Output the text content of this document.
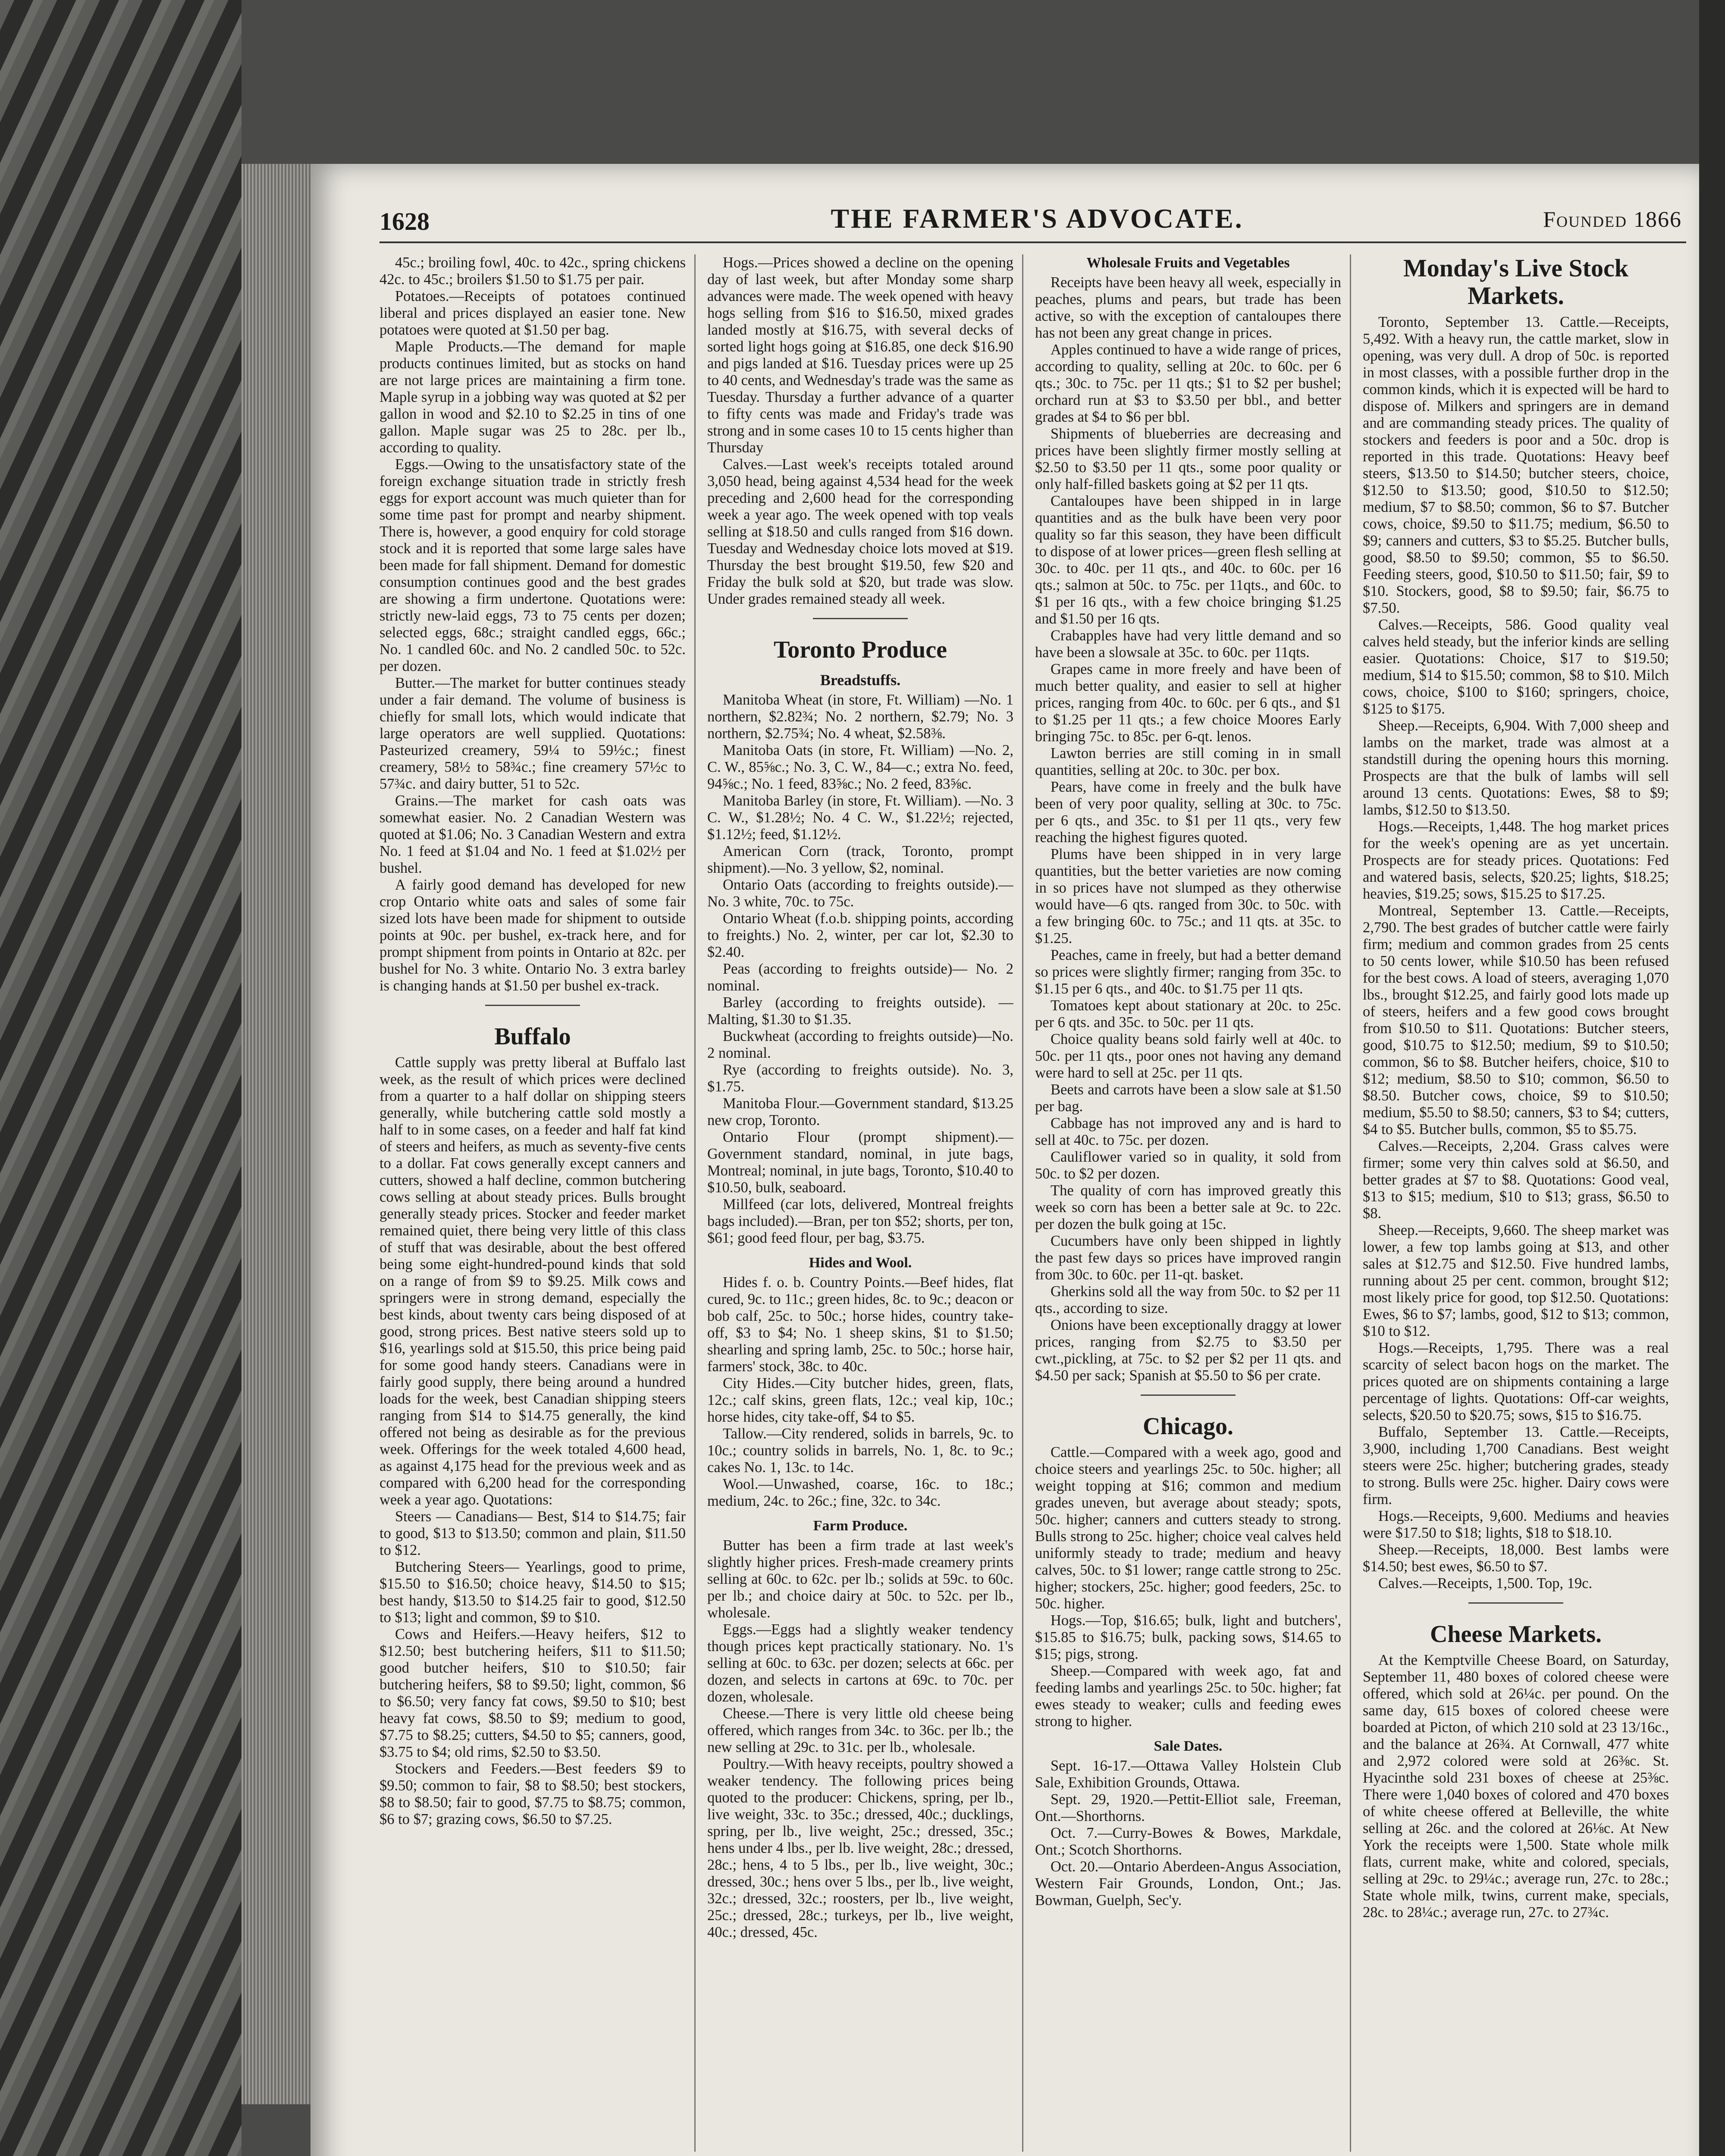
1628	THE FARMER'S ADVOCATE.	Founded 1866

45c.; broiling fowl, 40c. to 42c., spring chickens 42c. to 45c.; broilers $1.50 to $1.75 per pair.

Potatoes.—Receipts of potatoes continued liberal and prices displayed an easier tone. New potatoes were quoted at $1.50 per bag.

Maple Products.—The demand for maple products continues limited, but as stocks on hand are not large prices are maintaining a firm tone. Maple syrup in a jobbing way was quoted at $2 per gallon in wood and $2.10 to $2.25 in tins of one gallon. Maple sugar was 25 to 28c. per lb., according to quality.

Eggs.—Owing to the unsatisfactory state of the foreign exchange situation trade in strictly fresh eggs for export account was much quieter than for some time past for prompt and nearby shipment. There is, however, a good enquiry for cold storage stock and it is reported that some large sales have been made for fall shipment. Demand for domestic consumption continues good and the best grades are showing a firm undertone. Quotations were: strictly new-laid eggs, 73 to 75 cents per dozen; selected eggs, 68c.; straight candled eggs, 66c.; No. 1 candled 60c. and No. 2 candled 50c. to 52c. per dozen.

Butter.—The market for butter continues steady under a fair demand. The volume of business is chiefly for small lots, which would indicate that large operators are well supplied. Quotations: Pasteurized creamery, 59¼ to 59½c.; finest creamery, 58½ to 58¾c.; fine creamery 57½c to 57¾c. and dairy butter, 51 to 52c.

Grains.—The market for cash oats was somewhat easier. No. 2 Canadian Western was quoted at $1.06; No. 3 Canadian Western and extra No. 1 feed at $1.04 and No. 1 feed at $1.02½ per bushel.

A fairly good demand has developed for new crop Ontario white oats and sales of some fair sized lots have been made for shipment to outside points at 90c. per bushel, ex-track here, and for prompt shipment from points in Ontario at 82c. per bushel for No. 3 white. Ontario No. 3 extra barley is changing hands at $1.50 per bushel ex-track.

Buffalo

Cattle supply was pretty liberal at Buffalo last week, as the result of which prices were declined from a quarter to a half dollar on shipping steers generally, while butchering cattle sold mostly a half to in some cases, on a feeder and half fat kind of steers and heifers, as much as seventy-five cents to a dollar. Fat cows generally except canners and cutters, showed a half decline, common butchering cows selling at about steady prices. Bulls brought generally steady prices. Stocker and feeder market remained quiet, there being very little of this class of stuff that was desirable, about the best offered being some eight-hundred-pound kinds that sold on a range of from $9 to $9.25. Milk cows and springers were in strong demand, especially the best kinds, about twenty cars being disposed of at good, strong prices. Best native steers sold up to $16, yearlings sold at $15.50, this price being paid for some good handy steers. Canadians were in fairly good supply, there being around a hundred loads for the week, best Canadian shipping steers ranging from $14 to $14.75 generally, the kind offered not being as desirable as for the previous week. Offerings for the week totaled 4,600 head, as against 4,175 head for the previous week and as compared with 6,200 head for the corresponding week a year ago. Quotations:

Steers — Canadians— Best, $14 to $14.75; fair to good, $13 to $13.50; common and plain, $11.50 to $12.

Butchering Steers— Yearlings, good to prime, $15.50 to $16.50; choice heavy, $14.50 to $15; best handy, $13.50 to $14.25 fair to good, $12.50 to $13; light and common, $9 to $10.

Cows and Heifers.—Heavy heifers, $12 to $12.50; best butchering heifers, $11 to $11.50; good butcher heifers, $10 to $10.50; fair butchering heifers, $8 to $9.50; light, common, $6 to $6.50; very fancy fat cows, $9.50 to $10; best heavy fat cows, $8.50 to $9; medium to good, $7.75 to $8.25; cutters, $4.50 to $5; canners, good, $3.75 to $4; old rims, $2.50 to $3.50.

Stockers and Feeders.—Best feeders $9 to $9.50; common to fair, $8 to $8.50; best stockers, $8 to $8.50; fair to good, $7.75 to $8.75; common, $6 to $7; grazing cows, $6.50 to $7.25.

Hogs.—Prices showed a decline on the opening day of last week, but after Monday some sharp advances were made. The week opened with heavy hogs selling from $16 to $16.50, mixed grades landed mostly at $16.75, with several decks of sorted light hogs going at $16.85, one deck $16.90 and pigs landed at $16. Tuesday prices were up 25 to 40 cents, and Wednesday's trade was the same as Tuesday. Thursday a further advance of a quarter to fifty cents was made and Friday's trade was strong and in some cases 10 to 15 cents higher than Thursday

Calves.—Last week's receipts totaled around 3,050 head, being against 4,534 head for the week preceding and 2,600 head for the corresponding week a year ago. The week opened with top veals selling at $18.50 and culls ranged from $16 down. Tuesday and Wednesday choice lots moved at $19. Thursday the best brought $19.50, few $20 and Friday the bulk sold at $20, but trade was slow. Under grades remained steady all week.

Toronto Produce
Breadstuffs.

Manitoba Wheat (in store, Ft. William) —No. 1 northern, $2.82¾; No. 2 northern, $2.79; No. 3 northern, $2.75¾; No. 4 wheat, $2.58⅜.

Manitoba Oats (in store, Ft. William) —No. 2, C. W., 85⅝c.; No. 3, C. W., 84—c.; extra No. feed, 94⅝c.; No. 1 feed, 83⅝c.; No. 2 feed, 83⅝c.

Manitoba Barley (in store, Ft. William). —No. 3 C. W., $1.28½; No. 4 C. W., $1.22½; rejected, $1.12½; feed, $1.12½.

American Corn (track, Toronto, prompt shipment).—No. 3 yellow, $2, nominal.

Ontario Oats (according to freights outside).—No. 3 white, 70c. to 75c.

Ontario Wheat (f.o.b. shipping points, according to freights.) No. 2, winter, per car lot, $2.30 to $2.40.

Peas (according to freights outside)— No. 2 nominal.

Barley (according to freights outside). —Malting, $1.30 to $1.35.

Buckwheat (according to freights outside)—No. 2 nominal.

Rye (according to freights outside). No. 3, $1.75.

Manitoba Flour.—Government standard, $13.25 new crop, Toronto.

Ontario Flour (prompt shipment).— Government standard, nominal, in jute bags, Montreal; nominal, in jute bags, Toronto, $10.40 to $10.50, bulk, seaboard.

Millfeed (car lots, delivered, Montreal freights bags included).—Bran, per ton $52; shorts, per ton, $61; good feed flour, per bag, $3.75.

Hides and Wool.

Hides f. o. b. Country Points.—Beef hides, flat cured, 9c. to 11c.; green hides, 8c. to 9c.; deacon or bob calf, 25c. to 50c.; horse hides, country take-off, $3 to $4; No. 1 sheep skins, $1 to $1.50; shearling and spring lamb, 25c. to 50c.; horse hair, farmers' stock, 38c. to 40c.

City Hides.—City butcher hides, green, flats, 12c.; calf skins, green flats, 12c.; veal kip, 10c.; horse hides, city take-off, $4 to $5.

Tallow.—City rendered, solids in barrels, 9c. to 10c.; country solids in barrels, No. 1, 8c. to 9c.; cakes No. 1, 13c. to 14c.

Wool.—Unwashed, coarse, 16c. to 18c.; medium, 24c. to 26c.; fine, 32c. to 34c.

Farm Produce.

Butter has been a firm trade at last week's slightly higher prices. Fresh-made creamery prints selling at 60c. to 62c. per lb.; solids at 59c. to 60c. per lb.; and choice dairy at 50c. to 52c. per lb., wholesale.

Eggs.—Eggs had a slightly weaker tendency though prices kept practically stationary. No. 1's selling at 60c. to 63c. per dozen; selects at 66c. per dozen, and selects in cartons at 69c. to 70c. per dozen, wholesale.

Cheese.—There is very little old cheese being offered, which ranges from 34c. to 36c. per lb.; the new selling at 29c. to 31c. per lb., wholesale.

Poultry.—With heavy receipts, poultry showed a weaker tendency. The following prices being quoted to the producer: Chickens, spring, per lb., live weight, 33c. to 35c.; dressed, 40c.; ducklings, spring, per lb., live weight, 25c.; dressed, 35c.; hens under 4 lbs., per lb. live weight, 28c.; dressed, 28c.; hens, 4 to 5 lbs., per lb., live weight, 30c.; dressed, 30c.; hens over 5 lbs., per lb., live weight, 32c.; dressed, 32c.; roosters, per lb., live weight, 25c.; dressed, 28c.; turkeys, per lb., live weight, 40c.; dressed, 45c.

Wholesale Fruits and Vegetables

Receipts have been heavy all week, especially in peaches, plums and pears, but trade has been active, so with the exception of cantaloupes there has not been any great change in prices.

Apples continued to have a wide range of prices, according to quality, selling at 20c. to 60c. per 6 qts.; 30c. to 75c. per 11 qts.; $1 to $2 per bushel; orchard run at $3 to $3.50 per bbl., and better grades at $4 to $6 per bbl.

Shipments of blueberries are decreasing and prices have been slightly firmer mostly selling at $2.50 to $3.50 per 11 qts., some poor quality or only half-filled baskets going at $2 per 11 qts.

Cantaloupes have been shipped in in large quantities and as the bulk have been very poor quality so far this season, they have been difficult to dispose of at lower prices—green flesh selling at 30c. to 40c. per 11 qts., and 40c. to 60c. per 16 qts.; salmon at 50c. to 75c. per 11qts., and 60c. to $1 per 16 qts., with a few choice bringing $1.25 and $1.50 per 16 qts.

Crabapples have had very little demand and so have been a slowsale at 35c. to 60c. per 11qts.

Grapes came in more freely and have been of much better quality, and easier to sell at higher prices, ranging from 40c. to 60c. per 6 qts., and $1 to $1.25 per 11 qts.; a few choice Moores Early bringing 75c. to 85c. per 6-qt. lenos.

Lawton berries are still coming in in small quantities, selling at 20c. to 30c. per box.

Pears, have come in freely and the bulk have been of very poor quality, selling at 30c. to 75c. per 6 qts., and 35c. to $1 per 11 qts., very few reaching the highest figures quoted.

Plums have been shipped in in very large quantities, but the better varieties are now coming in so prices have not slumped as they otherwise would have—6 qts. ranged from 30c. to 50c. with a few bringing 60c. to 75c.; and 11 qts. at 35c. to $1.25.

Peaches, came in freely, but had a better demand so prices were slightly firmer; ranging from 35c. to $1.15 per 6 qts., and 40c. to $1.75 per 11 qts.

Tomatoes kept about stationary at 20c. to 25c. per 6 qts. and 35c. to 50c. per 11 qts.

Choice quality beans sold fairly well at 40c. to 50c. per 11 qts., poor ones not having any demand were hard to sell at 25c. per 11 qts.

Beets and carrots have been a slow sale at $1.50 per bag.

Cabbage has not improved any and is hard to sell at 40c. to 75c. per dozen.

Cauliflower varied so in quality, it sold from 50c. to $2 per dozen.

The quality of corn has improved greatly this week so corn has been a better sale at 9c. to 22c. per dozen the bulk going at 15c.

Cucumbers have only been shipped in lightly the past few days so prices have improved rangin from 30c. to 60c. per 11-qt. basket.

Gherkins sold all the way from 50c. to $2 per 11 qts., according to size.

Onions have been exceptionally draggy at lower prices, ranging from $2.75 to $3.50 per cwt.,pickling, at 75c. to $2 per $2 per 11 qts. and $4.50 per sack; Spanish at $5.50 to $6 per crate.

Chicago.

Cattle.—Compared with a week ago, good and choice steers and yearlings 25c. to 50c. higher; all weight topping at $16; common and medium grades uneven, but average about steady; spots, 50c. higher; canners and cutters steady to strong. Bulls strong to 25c. higher; choice veal calves held uniformly steady to trade; medium and heavy calves, 50c. to $1 lower; range cattle strong to 25c. higher; stockers, 25c. higher; good feeders, 25c. to 50c. higher.

Hogs.—Top, $16.65; bulk, light and butchers', $15.85 to $16.75; bulk, packing sows, $14.65 to $15; pigs, strong.

Sheep.—Compared with week ago, fat and feeding lambs and yearlings 25c. to 50c. higher; fat ewes steady to weaker; culls and feeding ewes strong to higher.

Sale Dates.

Sept. 16-17.—Ottawa Valley Holstein Club Sale, Exhibition Grounds, Ottawa.

Sept. 29, 1920.—Pettit-Elliot sale, Freeman, Ont.—Shorthorns.

Oct. 7.—Curry-Bowes & Bowes, Markdale, Ont.; Scotch Shorthorns.

Oct. 20.—Ontario Aberdeen-Angus Association, Western Fair Grounds, London, Ont.; Jas. Bowman, Guelph, Sec'y.

Monday's Live Stock Markets.

Toronto, September 13. Cattle.—Receipts, 5,492. With a heavy run, the cattle market, slow in opening, was very dull. A drop of 50c. is reported in most classes, with a possible further drop in the common kinds, which it is expected will be hard to dispose of. Milkers and springers are in demand and are commanding steady prices. The quality of stockers and feeders is poor and a 50c. drop is reported in this trade. Quotations: Heavy beef steers, $13.50 to $14.50; butcher steers, choice, $12.50 to $13.50; good, $10.50 to $12.50; medium, $7 to $8.50; common, $6 to $7. Butcher cows, choice, $9.50 to $11.75; medium, $6.50 to $9; canners and cutters, $3 to $5.25. Butcher bulls, good, $8.50 to $9.50; common, $5 to $6.50. Feeding steers, good, $10.50 to $11.50; fair, $9 to $10. Stockers, good, $8 to $9.50; fair, $6.75 to $7.50.

Calves.—Receipts, 586. Good quality veal calves held steady, but the inferior kinds are selling easier. Quotations: Choice, $17 to $19.50; medium, $14 to $15.50; common, $8 to $10. Milch cows, choice, $100 to $160; springers, choice, $125 to $175.

Sheep.—Receipts, 6,904. With 7,000 sheep and lambs on the market, trade was almost at a standstill during the opening hours this morning. Prospects are that the bulk of lambs will sell around 13 cents. Quotations: Ewes, $8 to $9; lambs, $12.50 to $13.50.

Hogs.—Receipts, 1,448. The hog market prices for the week's opening are as yet uncertain. Prospects are for steady prices. Quotations: Fed and watered basis, selects, $20.25; lights, $18.25; heavies, $19.25; sows, $15.25 to $17.25.

Montreal, September 13. Cattle.—Receipts, 2,790. The best grades of butcher cattle were fairly firm; medium and common grades from 25 cents to 50 cents lower, while $10.50 has been refused for the best cows. A load of steers, averaging 1,070 lbs., brought $12.25, and fairly good lots made up of steers, heifers and a few good cows brought from $10.50 to $11. Quotations: Butcher steers, good, $10.75 to $12.50; medium, $9 to $10.50; common, $6 to $8. Butcher heifers, choice, $10 to $12; medium, $8.50 to $10; common, $6.50 to $8.50. Butcher cows, choice, $9 to $10.50; medium, $5.50 to $8.50; canners, $3 to $4; cutters, $4 to $5. Butcher bulls, common, $5 to $5.75.

Calves.—Receipts, 2,204. Grass calves were firmer; some very thin calves sold at $6.50, and better grades at $7 to $8. Quotations: Good veal, $13 to $15; medium, $10 to $13; grass, $6.50 to $8.

Sheep.—Receipts, 9,660. The sheep market was lower, a few top lambs going at $13, and other sales at $12.75 and $12.50. Five hundred lambs, running about 25 per cent. common, brought $12; most likely price for good, top $12.50. Quotations: Ewes, $6 to $7; lambs, good, $12 to $13; common, $10 to $12.

Hogs.—Receipts, 1,795. There was a real scarcity of select bacon hogs on the market. The prices quoted are on shipments containing a large percentage of lights. Quotations: Off-car weights, selects, $20.50 to $20.75; sows, $15 to $16.75.

Buffalo, September 13. Cattle.—Receipts, 3,900, including 1,700 Canadians. Best weight steers were 25c. higher; butchering grades, steady to strong. Bulls were 25c. higher. Dairy cows were firm.

Hogs.—Receipts, 9,600. Mediums and heavies were $17.50 to $18; lights, $18 to $18.10.

Sheep.—Receipts, 18,000. Best lambs were $14.50; best ewes, $6.50 to $7.

Calves.—Receipts, 1,500. Top, 19c.

Cheese Markets.

At the Kemptville Cheese Board, on Saturday, September 11, 480 boxes of colored cheese were offered, which sold at 26¼c. per pound. On the same day, 615 boxes of colored cheese were boarded at Picton, of which 210 sold at 23 13/16c., and the balance at 26¾. At Cornwall, 477 white and 2,972 colored were sold at 26⅜c. St. Hyacinthe sold 231 boxes of cheese at 25⅜c. There were 1,040 boxes of colored and 470 boxes of white cheese offered at Belleville, the white selling at 26c. and the colored at 26⅛c. At New York the receipts were 1,500. State whole milk flats, current make, white and colored, specials, selling at 29c. to 29¼c.; average run, 27c. to 28c.; State whole milk, twins, current make, specials, 28c. to 28¼c.; average run, 27c. to 27¾c.
